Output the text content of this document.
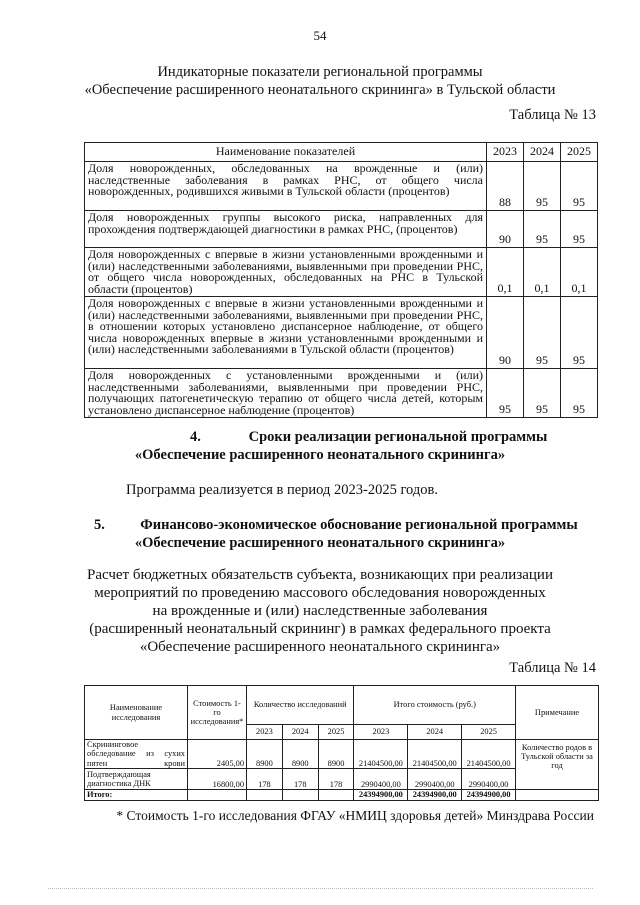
54
Индикаторные показатели региональной программы
«Обеспечение расширенного неонатального скрининга» в Тульской области
Таблица № 13
Наименование показателей	2023	2024	2025
Доля новорожденных, обследованных на врожденные и (или) наследственные заболевания в рамках РНС, от общего числа новорожденных, родившихся живыми в Тульской области (процентов)	88	95	95
Доля новорожденных группы высокого риска, направленных для прохождения подтверждающей диагностики в рамках РНС, (процентов)	90	95	95
Доля новорожденных с впервые в жизни установленными врожденными и (или) наследственными заболеваниями, выявленными при проведении РНС, от общего числа новорожденных, обследованных на РНС в Тульской области (процентов)	0,1	0,1	0,1
Доля новорожденных с впервые в жизни установленными врожденными и (или) наследственными заболеваниями, выявленными при проведении РНС, в отношении которых установлено диспансерное наблюдение, от общего числа новорожденных впервые в жизни установленными врожденными и (или) наследственными заболеваниями в Тульской области (процентов)	90	95	95
Доля новорожденных с установленными врожденными и (или) наследственными заболеваниями, выявленными при проведении РНС, получающих патогенетическую терапию от общего числа детей, которым установлено диспансерное наблюдение (процентов)	95	95	95
4.	Сроки реализации региональной программы
«Обеспечение расширенного неонатального скрининга»
Программа реализуется в период 2023-2025 годов.
5.	Финансово-экономическое обоснование региональной программы
«Обеспечение расширенного неонатального скрининга»
Расчет бюджетных обязательств субъекта, возникающих при реализации
мероприятий по проведению массового обследования новорожденных
на врожденные и (или) наследственные заболевания
(расширенный неонатальный скрининг) в рамках федерального проекта
«Обеспечение расширенного неонатального скрининга»
Таблица № 14
Наименование исследования	Стоимость 1-го исследования*	Количество исследований			Итого стоимость (руб.)			Примечание
		2023	2024	2025	2023	2024	2025	
Скрининговое обследование из сухих пятен крови	2405,00	8900	8900	8900	21404500,00	21404500,00	21404500,00	Количество родов в Тульской области за год
Подтверждающая диагностика ДНК	16800,00	178	178	178	2990400,00	2990400,00	2990400,00	
Итого:					24394900,00	24394900,00	24394900,00	
* Стоимость 1-го исследования ФГАУ «НМИЦ здоровья детей» Минздрава России
